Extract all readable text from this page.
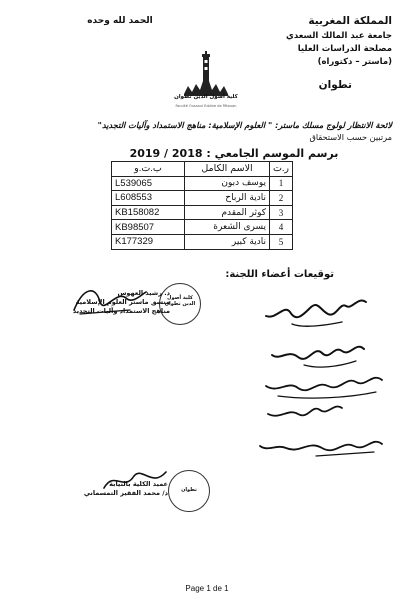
المملكة المغربية
جامعة عبد المالك السعدي
مصلحة الدراسات العليا
(ماستر – دكتوراه)
تطوان
الحمد لله وحده
كلية أصول الدين تطوان
Faculté Oussoul Eddine de Tétouan
لائحة الانتظار لولوج مسلك ماستر: " العلوم الإسلامية: مناهج الاستمداد وآليات التجديد"
مرتبين حسب الاستحقاق
برسم الموسم الجامعي : 2018 / 2019
ب.ت.و	الاسم الكامل	ر.ت
L539065	يوسف دبون	1
L608553	نادية الرباح	2
KB158082	كوثر المقدم	3
KB98507	يسرى الشعرة	4
K177329	نادية كبير	5
توقيعات أعضاء اللجنة:
كلية أصول الدين تطوان
د. رشيد العهوس
منسق ماستر العلوم الإسلامية
مناهج الاستمداد وآليات التجديد
تطوان
عميد الكلية بالنيابة
د/ محمد الفقير التمسماني
Page 1 de 1
